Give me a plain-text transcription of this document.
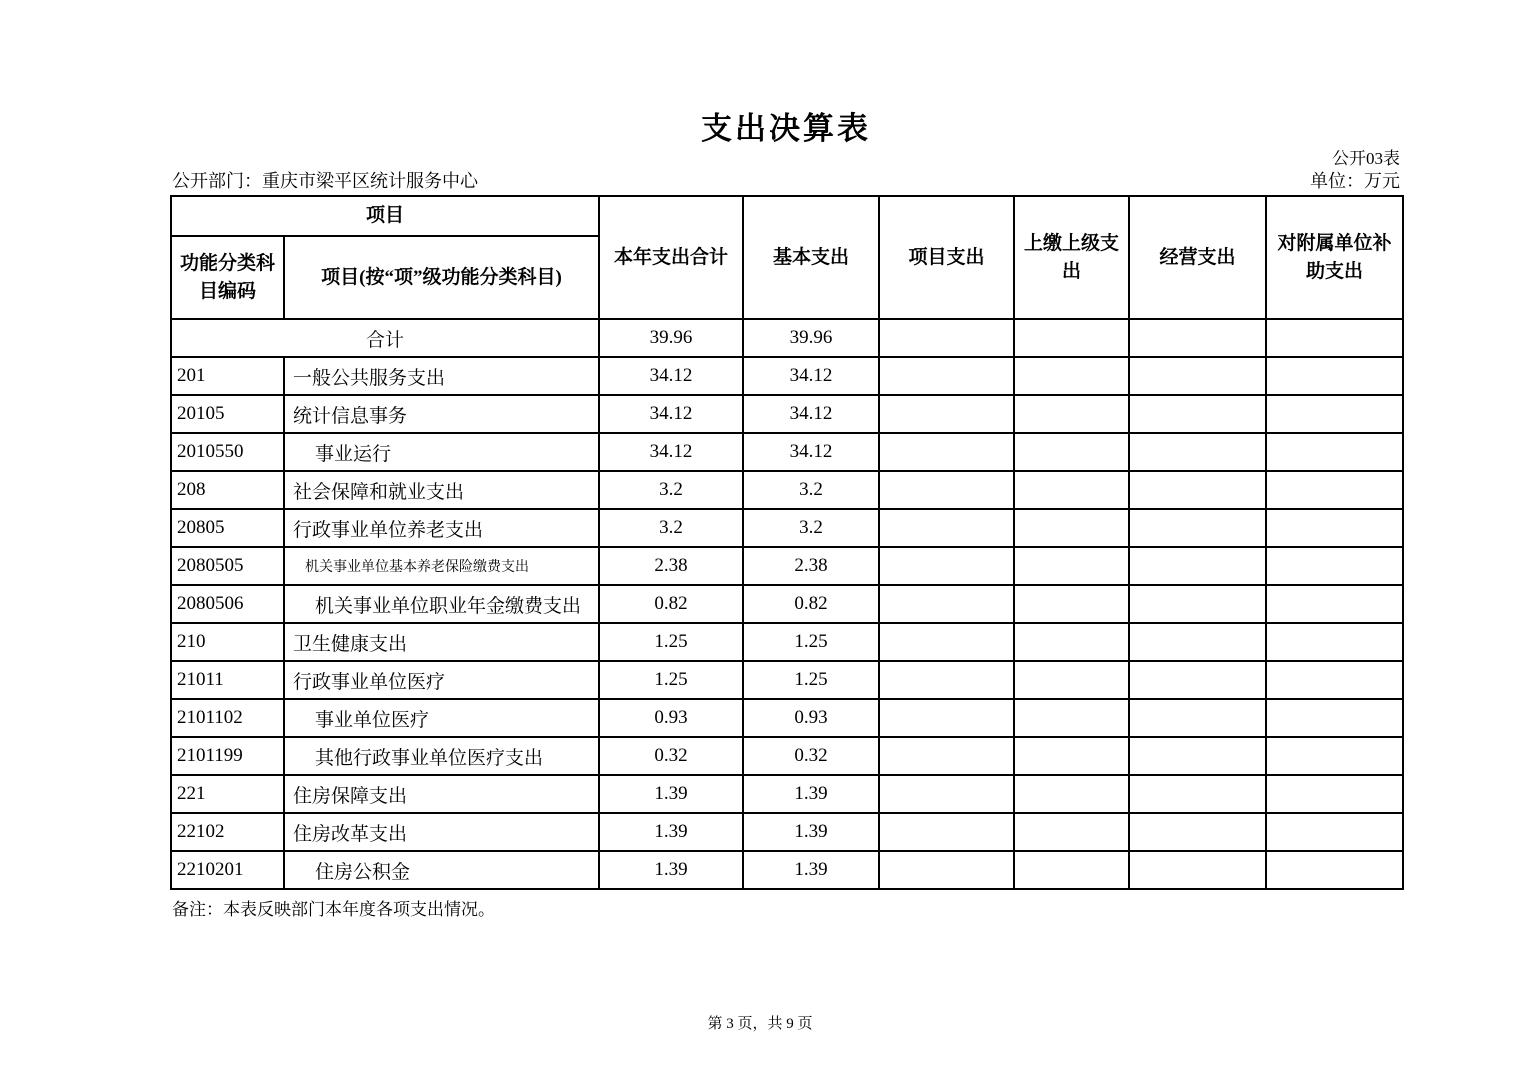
支出决算表
公开03表
公开部门：重庆市梁平区统计服务中心	单位：万元
项目		本年支出合计	基本支出	项目支出	上缴上级支出	经营支出	对附属单位补助支出
功能分类科目编码	项目(按“项”级功能分类科目)						
合计		39.96	39.96				
201	一般公共服务支出	34.12	34.12				
20105	统计信息事务	34.12	34.12				
2010550	事业运行	34.12	34.12				
208	社会保障和就业支出	3.2	3.2				
20805	行政事业单位养老支出	3.2	3.2				
2080505	机关事业单位基本养老保险缴费支出	2.38	2.38				
2080506	机关事业单位职业年金缴费支出	0.82	0.82				
210	卫生健康支出	1.25	1.25				
21011	行政事业单位医疗	1.25	1.25				
2101102	事业单位医疗	0.93	0.93				
2101199	其他行政事业单位医疗支出	0.32	0.32				
221	住房保障支出	1.39	1.39				
22102	住房改革支出	1.39	1.39				
2210201	住房公积金	1.39	1.39				
备注：本表反映部门本年度各项支出情况。
第 3 页，共 9 页
